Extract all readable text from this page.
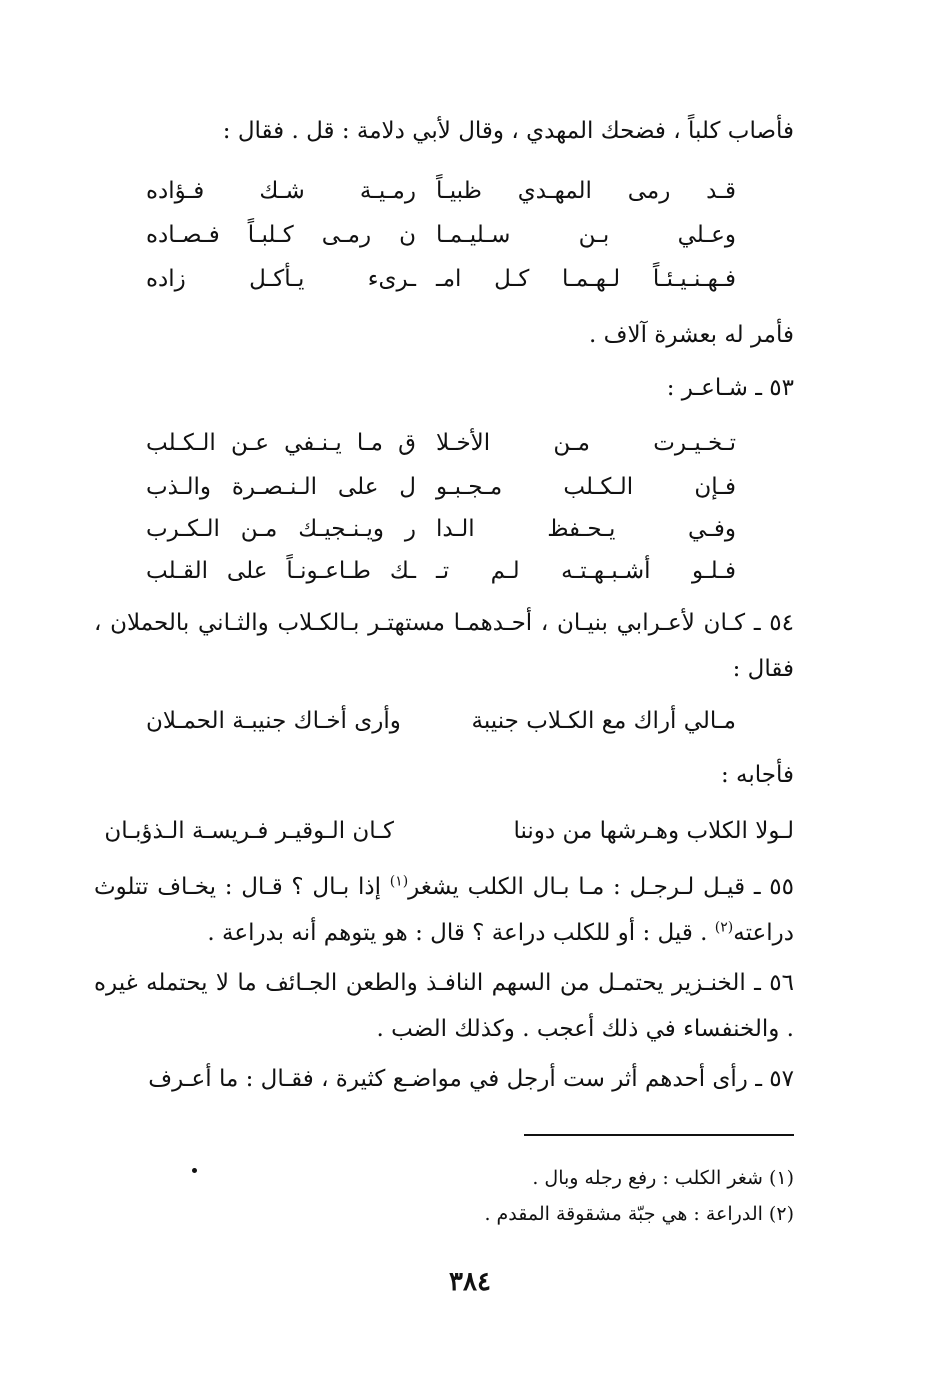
فأصاب كلباً ، فضحك المهدي ، وقال لأبي دلامة : قل . فقال :
قـد رمى المهـدي ظبيـاً
رمـيـة شـك فـؤاده
وعـلي بـن سـليـمـا
ن رمـى كـلبـاً فـصـاده
فـهـنـيـئـاً لـهـمـا كـل امـ
ـرىء يـأكـل زاده
فأمر له بعشرة آلاف .
٥٣ ـ شـاعـر :
تـخـيـرت مـن الأخـلا
ق مـا يـنـفي عـن الـكـلب
فـإن الـكـلب مـجـبـو
ل على الـنـصـرة والـذب
وفـي يـحـفظ الـدا
ر ويـنـجيـك مـن الـكـرب
فـلـو أشـبـهـتـه لـم تـ
ـك طـاعـونـاً على القـلب
٥٤ ـ كـان لأعـرابي بنيـان ، أحـدهمـا مستهتـر بـالكـلاب والثـاني بالحملان ، فقال :
مـالي أراك مع الكـلاب جنيبة
وأرى أخـاك جنيبـة الحمـلان
فأجابه :
لـولا الكلاب وهـرشها من دوننا
كـان الـوقيـر فـريسـة الـذؤبـان
٥٥ ـ قيـل لـرجـل : مـا بـال الكلب يشغر$^{(١)}$ إذا بـال ؟ قـال : يخـاف تتلوث دراعته$^{(٢)}$ . قيل : أو للكلب دراعة ؟ قال : هو يتوهم أنه بدراعة .
٥٦ ـ الخنـزير يحتمـل من السهم النافـذ والطعن الجـائف ما لا يحتمله غيره . والخنفساء في ذلك أعجب . وكذلك الضب .
٥٧ ـ رأى أحدهم أثر ست أرجل في مواضـع كثيرة ، فقـال : ما أعـرف
(١) شغر الكلب : رفع رجله وبال .
(٢) الدراعة : هي جبّة مشقوقة المقدم .
٣٨٤
